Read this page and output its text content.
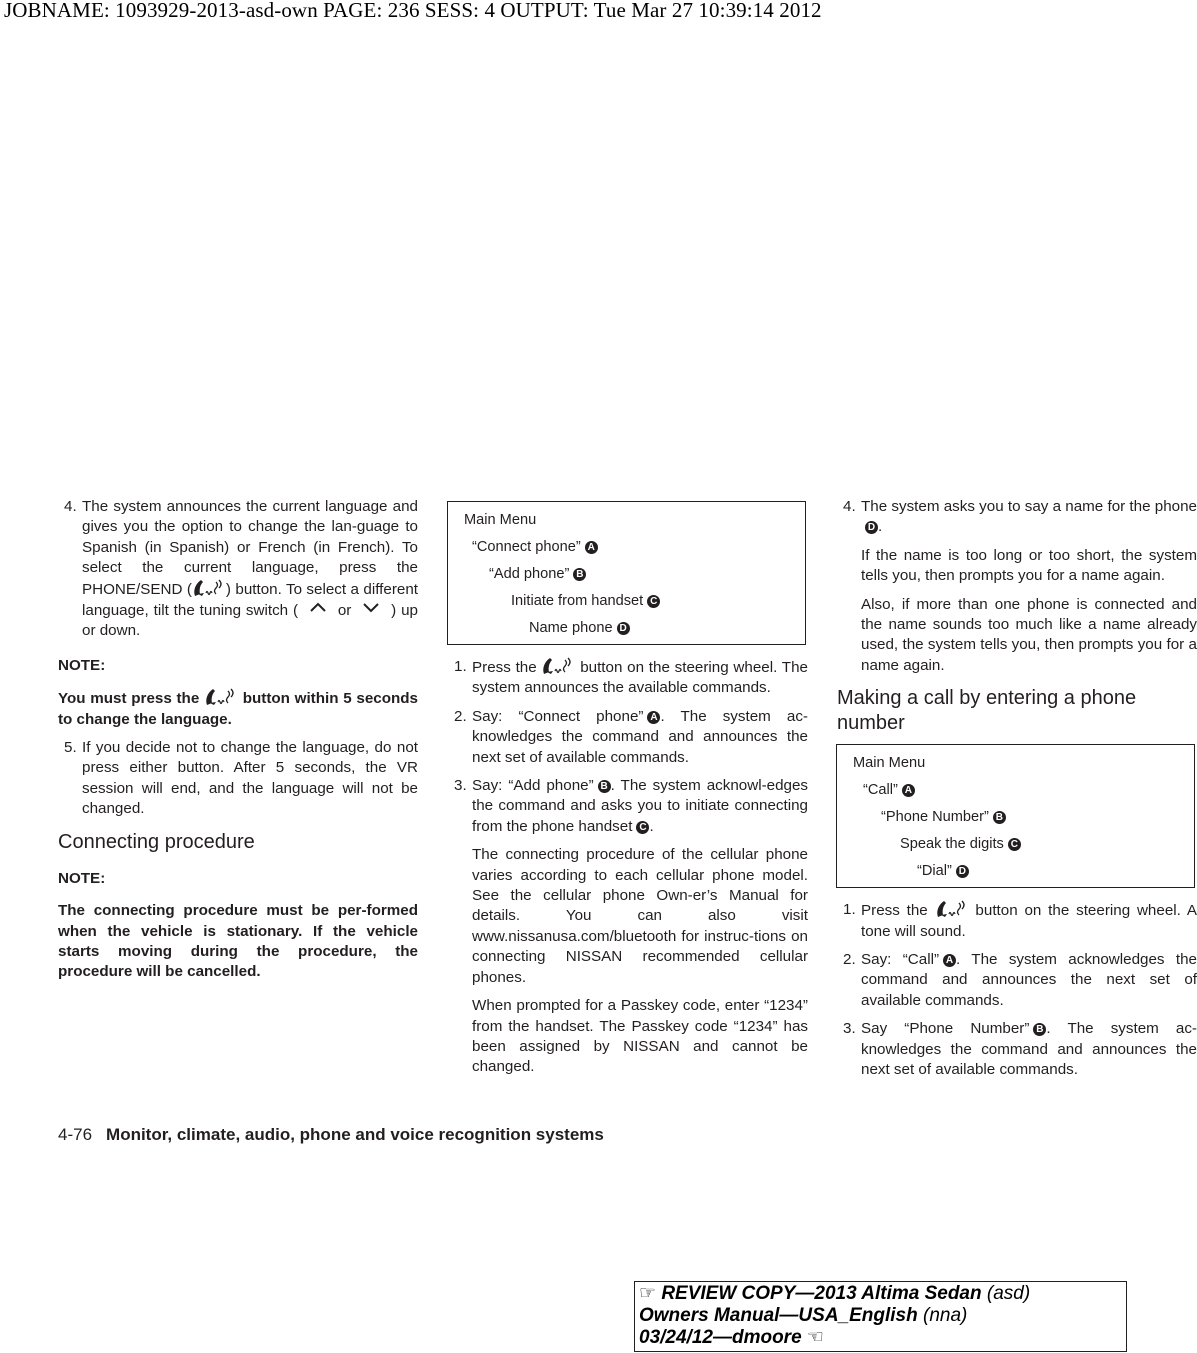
JOBNAME: 1093929-2013-asd-own PAGE: 236 SESS: 4 OUTPUT: Tue Mar 27 10:39:14 2012
4. The system announces the current language and gives you the option to change the lan-guage to Spanish (in Spanish) or French (in French). To select the current language, press the PHONE/SEND ( ) button. To select a different language, tilt the tuning switch (	or	) up or down.
NOTE:
You must press the	button within 5 seconds to change the language.
5. If you decide not to change the language, do not press either button. After 5 seconds, the VR session will end, and the language will not be changed.
Connecting procedure
NOTE:
The connecting procedure must be per-formed when the vehicle is stationary. If the vehicle starts moving during the procedure, the procedure will be cancelled.
Main Menu
“Connect phone” A
“Add phone” B
Initiate from handset C
Name phone D
1. Press the	button on the steering wheel. The system announces the available commands.
2. Say: “Connect phone” A . The system ac-knowledges the command and announces the next set of available commands.
3. Say: “Add phone” B . The system acknowl-edges the command and asks you to initiate connecting from the phone handset C .
The connecting procedure of the cellular phone varies according to each cellular phone model. See the cellular phone Own-er’s Manual for details. You can also visit www.nissanusa.com/bluetooth for instruc-tions on connecting NISSAN recommended cellular phones.
When prompted for a Passkey code, enter “1234” from the handset. The Passkey code “1234” has been assigned by NISSAN and cannot be changed.
4. The system asks you to say a name for the phoneD .
If the name is too long or too short, the system tells you, then prompts you for a name again.
Also, if more than one phone is connected and the name sounds too much like a name already used, the system tells you, then prompts you for a name again.
Making a call by entering a phone number
Main Menu
“Call” A
“Phone Number” B
Speak the digits C
“Dial” D
1. Press the	button on the steering wheel. A tone will sound.
2. Say: “Call” A . The system acknowledges the command and announces the next set of available commands.
3. Say “Phone Number” B . The system ac-knowledges the command and announces the next set of available commands.
4-76 Monitor, climate, audio, phone and voice recognition systems
☞ REVIEW COPY—2013 Altima Sedan (asd)
Owners Manual—USA_English (nna)
03/24/12—dmoore ☜
